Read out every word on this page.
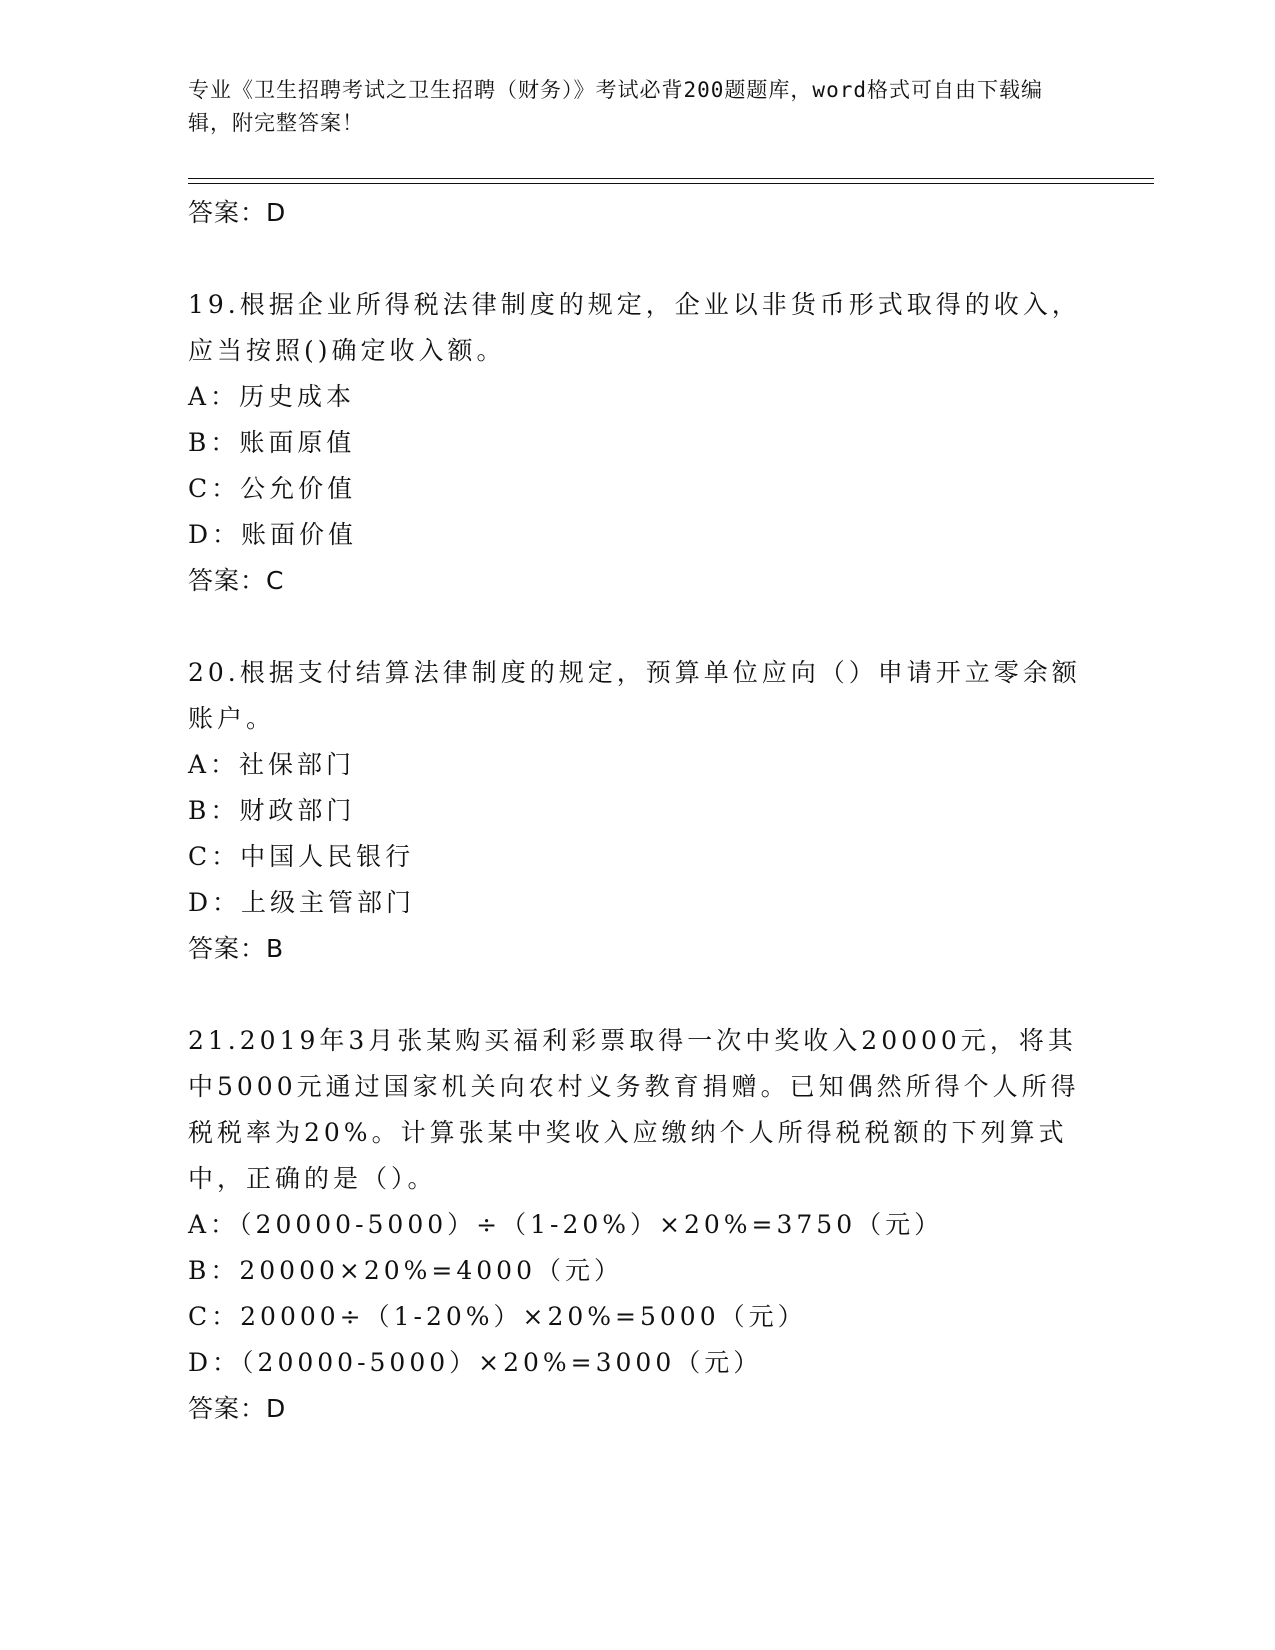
专业《卫生招聘考试之卫生招聘（财务）》考试必背200题题库，word格式可自由下载编辑，附完整答案！
答案：D
19.根据企业所得税法律制度的规定，企业以非货币形式取得的收入，应当按照()确定收入额。
A：历史成本
B：账面原值
C：公允价值
D：账面价值
答案：C
20.根据支付结算法律制度的规定，预算单位应向（）申请开立零余额账户。
A：社保部门
B：财政部门
C：中国人民银行
D：上级主管部门
答案：B
21.2019年3月张某购买福利彩票取得一次中奖收入20000元，将其中5000元通过国家机关向农村义务教育捐赠。已知偶然所得个人所得税税率为20%。计算张某中奖收入应缴纳个人所得税税额的下列算式中，正确的是（）。
A：（20000-5000）÷（1-20%）×20%=3750（元）
B：20000×20%=4000（元）
C：20000÷（1-20%）×20%=5000（元）
D：（20000-5000）×20%=3000（元）
答案：D
